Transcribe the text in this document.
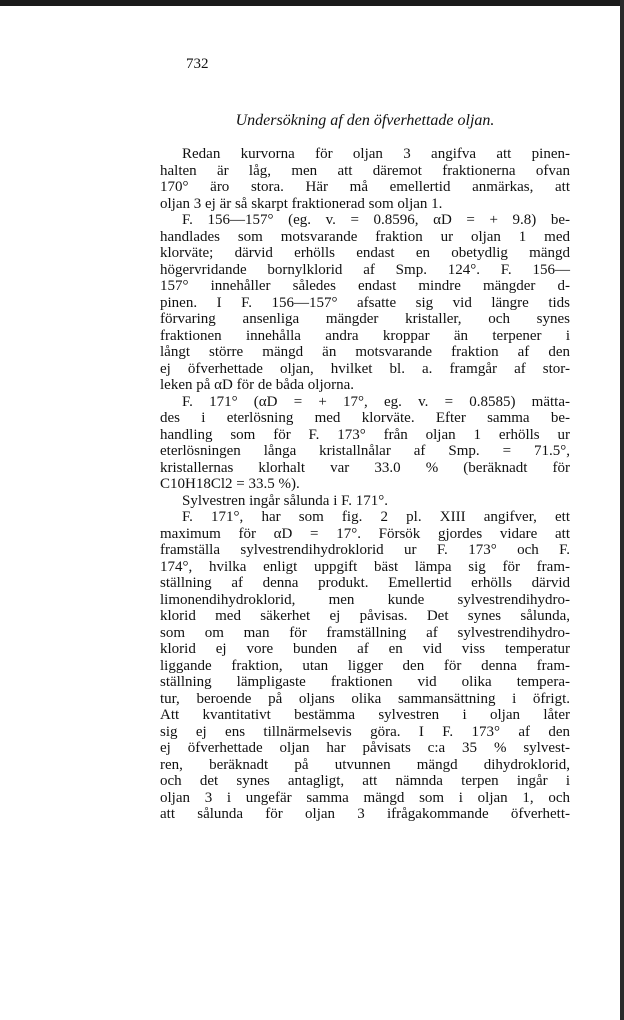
732
Undersökning af den öfverhettade oljan.
Redan kurvorna för oljan 3 angifva att pinen-
halten är låg, men att däremot fraktionerna ofvan
170° äro stora. Här må emellertid anmärkas, att
oljan 3 ej är så skarpt fraktionerad som oljan 1.
F. 156—157° (eg. v. = 0.8596, αD = + 9.8) be-
handlades som motsvarande fraktion ur oljan 1 med
klorväte; därvid erhölls endast en obetydlig mängd
högervridande bornylklorid af Smp. 124°. F. 156—
157° innehåller således endast mindre mängder d-
pinen. I F. 156—157° afsatte sig vid längre tids
förvaring ansenliga mängder kristaller, och synes
fraktionen innehålla andra kroppar än terpener i
långt större mängd än motsvarande fraktion af den
ej öfverhettade oljan, hvilket bl. a. framgår af stor-
leken på αD för de båda oljorna.
F. 171° (αD = + 17°, eg. v. = 0.8585) mätta-
des i eterlösning med klorväte. Efter samma be-
handling som för F. 173° från oljan 1 erhölls ur
eterlösningen långa kristallnålar af Smp. = 71.5°,
kristallernas klorhalt var 33.0 % (beräknadt för
C10H18Cl2 = 33.5 %).
Sylvestren ingår sålunda i F. 171°.
F. 171°, har som fig. 2 pl. XIII angifver, ett
maximum för αD = 17°. Försök gjordes vidare att
framställa sylvestrendihydroklorid ur F. 173° och F.
174°, hvilka enligt uppgift bäst lämpa sig för fram-
ställning af denna produkt. Emellertid erhölls därvid
limonendihydroklorid, men kunde sylvestrendihydro-
klorid med säkerhet ej påvisas. Det synes sålunda,
som om man för framställning af sylvestrendihydro-
klorid ej vore bunden af en vid viss temperatur
liggande fraktion, utan ligger den för denna fram-
ställning lämpligaste fraktionen vid olika tempera-
tur, beroende på oljans olika sammansättning i öfrigt.
Att kvantitativt bestämma sylvestren i oljan låter
sig ej ens tillnärmelsevis göra. I F. 173° af den
ej öfverhettade oljan har påvisats c:a 35 % sylvest-
ren, beräknadt på utvunnen mängd dihydroklorid,
och det synes antagligt, att nämnda terpen ingår i
oljan 3 i ungefär samma mängd som i oljan 1, och
att sålunda för oljan 3 ifrågakommande öfverhett-
